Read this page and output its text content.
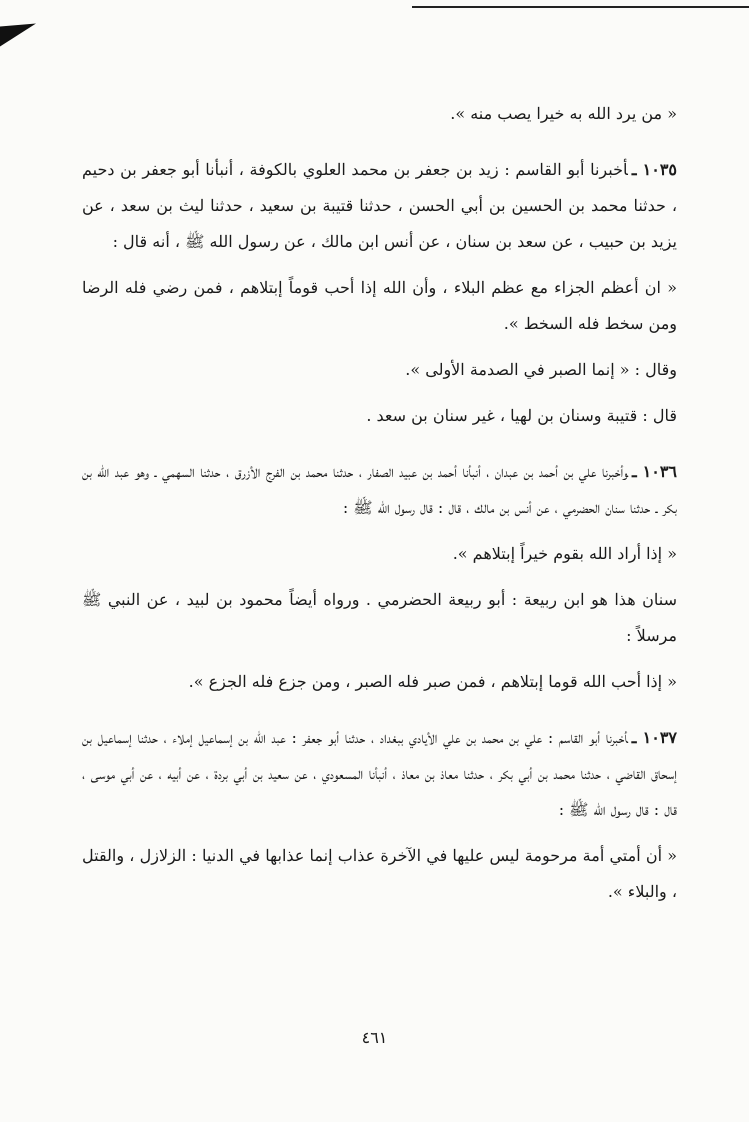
« من يرد الله به خيرا يصب منه ».

١٠٣٥ ـأخبرنا أبو القاسم : زيد بن جعفر بن محمد العلوي بالكوفة ، أنبأنا أبو جعفر بن دحيم ، حدثنا محمد بن الحسين بن أبي الحسن ، حدثنا قتيبة بن سعيد ، حدثنا ليث بن سعد ، عن يزيد بن حبيب ، عن سعد بن سنان ، عن أنس ابن مالك ، عن رسول الله ﷺ ، أنه قال :

« ان أعظم الجزاء مع عظم البلاء ، وأن الله إذا أحب قوماً إبتلاهم ، فمن رضي فله الرضا ومن سخط فله السخط ».

وقال : « إنما الصبر في الصدمة الأولى ».

قال : قتيبة وسنان بن لهيا ، غير سنان بن سعد .

١٠٣٦ ـوأخبرنا علي بن أحمد بن عبدان ، أنبأنا أحمد بن عبيد الصفار ، حدثنا محمد بن الفرج الأزرق ، حدثنا السهمي ـ وهو عبد الله بن بكر ـ حدثنا سنان الحضرمي ، عن أنس بن مالك ، قال : قال رسول الله ﷺ :

« إذا أراد الله بقوم خيراً إبتلاهم ».

سنان هذا هو ابن ربيعة : أبو ربيعة الحضرمي . ورواه أيضاً محمود بن لبيد ، عن النبي ﷺ مرسلاً :

« إذا أحب الله قوما إبتلاهم ، فمن صبر فله الصبر ، ومن جزع فله الجزع ».

١٠٣٧ ـأخبرنا أبو القاسم : علي بن محمد بن علي الأيادي ببغداد ، حدثنا أبو جعفر : عبد الله بن إسماعيل إملاء ، حدثنا إسماعيل بن إسحاق القاضي ، حدثنا محمد بن أبي بكر ، حدثنا معاذ بن معاذ ، أنبأنا المسعودي ، عن سعيد بن أبي بردة ، عن أبيه ، عن أبي موسى ، قال : قال رسول الله ﷺ :

« أن أمتي أمة مرحومة ليس عليها في الآخرة عذاب إنما عذابها في الدنيا : الزلازل ، والقتل ، والبلاء ».

٤٦١
